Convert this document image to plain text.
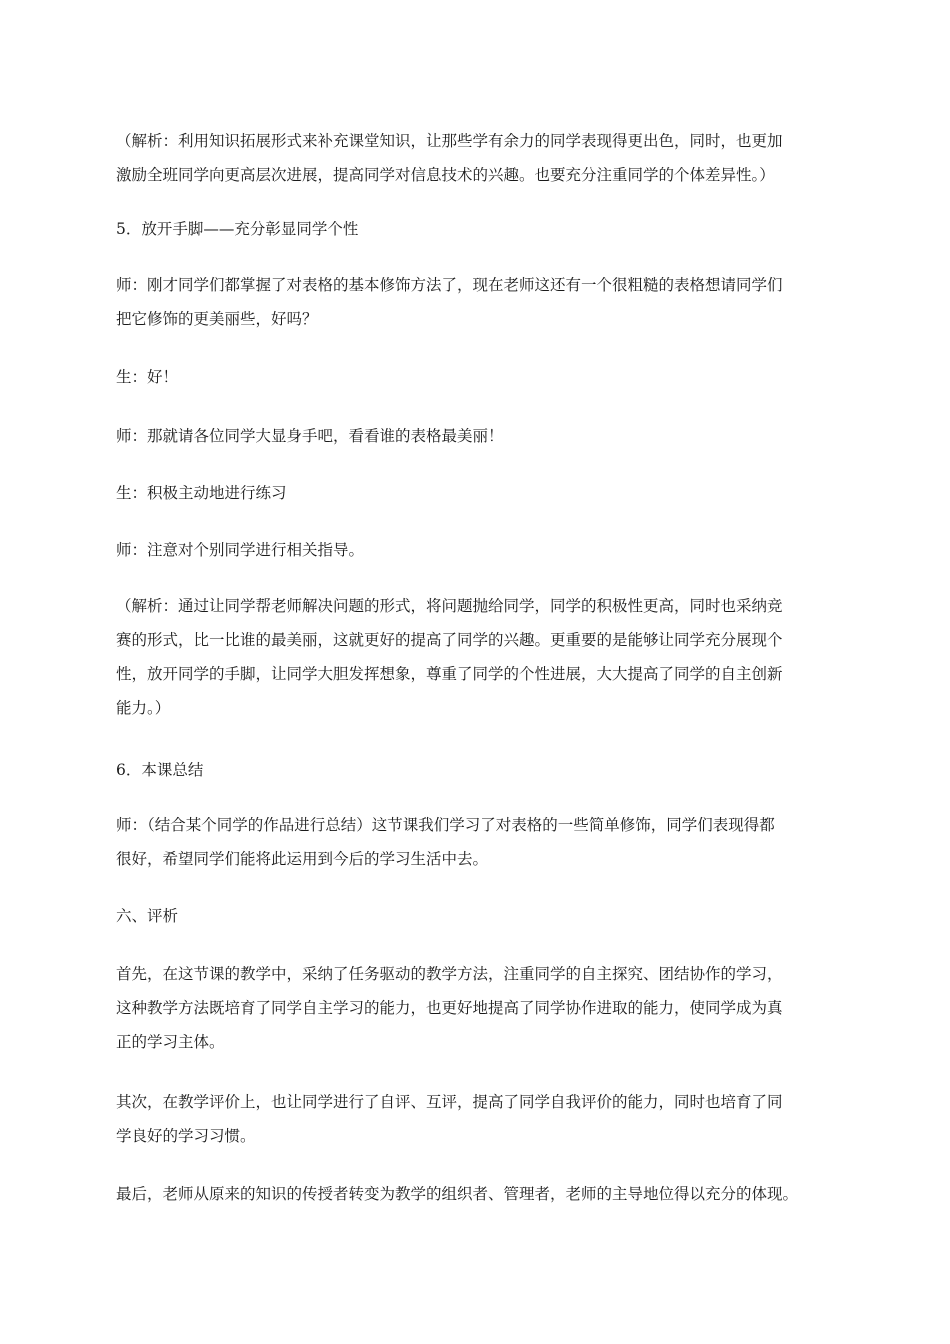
（解析：利用知识拓展形式来补充课堂知识，让那些学有余力的同学表现得更出色，同时，也更加
激励全班同学向更高层次进展，提高同学对信息技术的兴趣。也要充分注重同学的个体差异性。）

5．放开手脚——充分彰显同学个性

师：刚才同学们都掌握了对表格的基本修饰方法了，现在老师这还有一个很粗糙的表格想请同学们
把它修饰的更美丽些，好吗？

生：好！

师：那就请各位同学大显身手吧，看看谁的表格最美丽！

生：积极主动地进行练习

师：注意对个别同学进行相关指导。

（解析：通过让同学帮老师解决问题的形式，将问题抛给同学，同学的积极性更高，同时也采纳竞
赛的形式，比一比谁的最美丽，这就更好的提高了同学的兴趣。更重要的是能够让同学充分展现个
性，放开同学的手脚，让同学大胆发挥想象，尊重了同学的个性进展，大大提高了同学的自主创新
能力。）

6．本课总结

师：（结合某个同学的作品进行总结）这节课我们学习了对表格的一些简单修饰，同学们表现得都
很好，希望同学们能将此运用到今后的学习生活中去。

六、评析

首先，在这节课的教学中，采纳了任务驱动的教学方法，注重同学的自主探究、团结协作的学习，
这种教学方法既培育了同学自主学习的能力，也更好地提高了同学协作进取的能力，使同学成为真
正的学习主体。

其次，在教学评价上，也让同学进行了自评、互评，提高了同学自我评价的能力，同时也培育了同
学良好的学习习惯。

最后，老师从原来的知识的传授者转变为教学的组织者、管理者，老师的主导地位得以充分的体现。
